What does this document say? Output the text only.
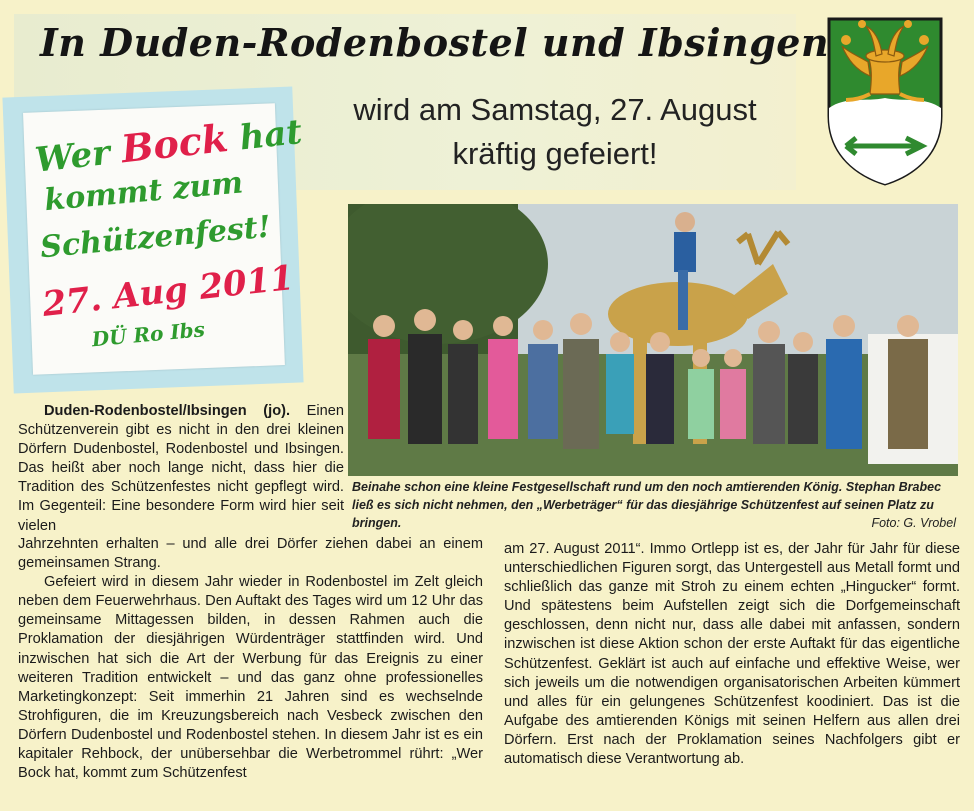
In Duden-Rodenbostel und Ibsingen
wird am Samstag, 27. August
kräftig gefeiert!
Wer Bock hat
kommt zum
Schützenfest!
27. Aug 2011
DÜ Ro Ibs

Beinahe schon eine kleine Festgesellschaft rund um den noch amtierenden König. Stephan Brabec ließ es sich nicht nehmen, den „Werbeträger“ für das diesjährige Schützenfest auf seinen Platz zu bringen.	Foto: G. Vrobel

Duden-Rodenbostel/Ibsingen (jo). Einen Schützenverein gibt es nicht in den drei kleinen Dörfern Dudenbostel, Rodenbostel und Ibsingen. Das heißt aber noch lange nicht, dass hier die Tradition des Schützenfestes nicht gepflegt wird. Im Gegenteil: Eine besondere Form wird hier seit vielen

Jahrzehnten erhalten – und alle drei Dörfer ziehen dabei an einem gemeinsamen Strang.

Gefeiert wird in diesem Jahr wieder in Rodenbostel im Zelt gleich neben dem Feuerwehrhaus. Den Auftakt des Tages wird um 12 Uhr das gemeinsame Mittagessen bilden, in dessen Rahmen auch die Proklamation der diesjährigen Würdenträger stattfinden wird. Und inzwischen hat sich die Art der Werbung für das Ereignis zu einer weiteren Tradition entwickelt – und das ganz ohne professionelles Marketingkonzept: Seit immerhin 21 Jahren sind es wechselnde Strohfiguren, die im Kreuzungsbereich nach Vesbeck zwischen den Dörfern Dudenbostel und Rodenbostel stehen. In diesem Jahr ist es ein kapitaler Rehbock, der unübersehbar die Werbetrommel rührt: „Wer Bock hat, kommt zum Schützenfest

am 27. August 2011“. Immo Ortlepp ist es, der Jahr für Jahr für diese unterschiedlichen Figuren sorgt, das Untergestell aus Metall formt und schließlich das ganze mit Stroh zu einem echten „Hingucker“ formt. Und spätestens beim Aufstellen zeigt sich die Dorfgemeinschaft geschlossen, denn nicht nur, dass alle dabei mit anfassen, sondern inzwischen ist diese Aktion schon der erste Auftakt für das eigentliche Schützenfest. Geklärt ist auch auf einfache und effektive Weise, wer sich jeweils um die notwendigen organisatorischen Arbeiten kümmert und alles für ein gelungenes Schützenfest koodiniert. Das ist die Aufgabe des amtierenden Königs mit seinen Helfern aus allen drei Dörfern. Erst nach der Proklamation seines Nachfolgers gibt er automatisch diese Verantwortung ab.
